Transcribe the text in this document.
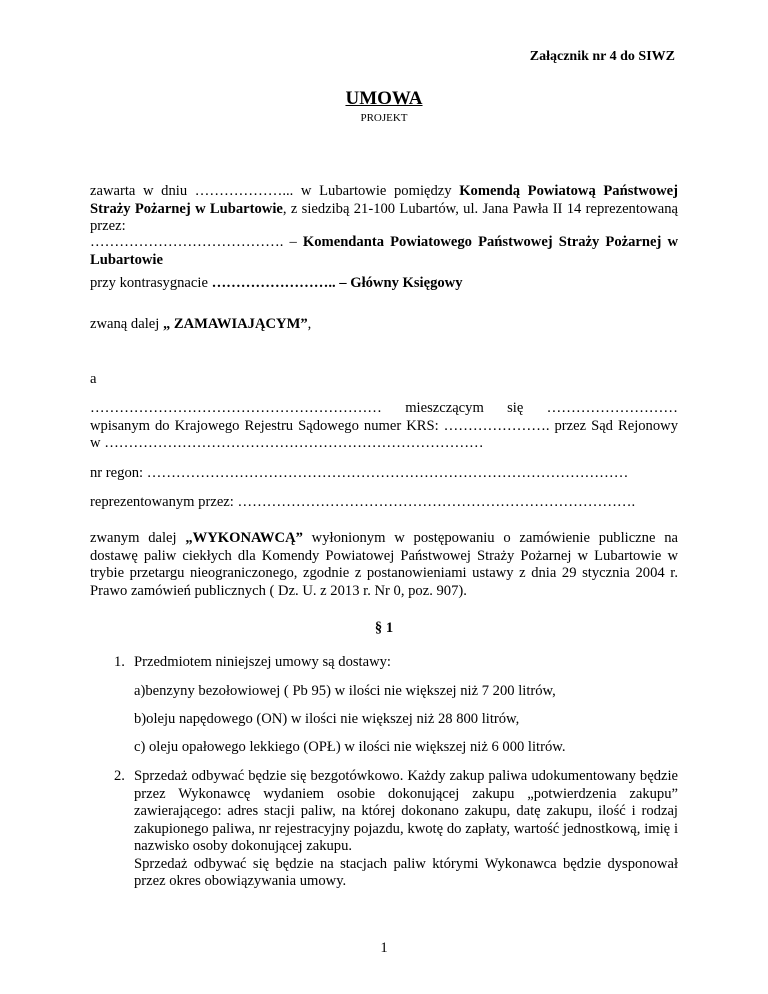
Załącznik nr 4 do SIWZ
UMOWA
PROJEKT
zawarta w dniu ………………... w Lubartowie pomiędzy Komendą Powiatową Państwowej Straży Pożarnej w Lubartowie, z siedzibą 21-100 Lubartów, ul. Jana Pawła II 14 reprezentowaną przez:
…………………………………. – Komendanta Powiatowego Państwowej Straży Pożarnej w Lubartowie
przy kontrasygnacie …………………….. – Główny Księgowy
zwaną dalej „ ZAMAWIAJĄCYM”,
a
…………………………………………………… mieszczącym się ……………………… wpisanym do Krajowego Rejestru Sądowego numer KRS: …………………. przez Sąd Rejonowy w ……………………………………………………………………
nr regon: ………………………………………………………………………………………
reprezentowanym przez: ……………………………………………………………………….
zwanym dalej „WYKONAWCĄ” wyłonionym w postępowaniu o zamówienie publiczne na dostawę paliw ciekłych dla Komendy Powiatowej Państwowej Straży Pożarnej w Lubartowie w trybie przetargu nieograniczonego, zgodnie z postanowieniami ustawy z dnia 29 stycznia 2004 r. Prawo zamówień publicznych ( Dz. U. z 2013 r. Nr 0, poz. 907).
§ 1
1. Przedmiotem niniejszej umowy są dostawy:
a)benzyny bezołowiowej ( Pb 95) w ilości nie większej niż 7 200 litrów,
b)oleju napędowego (ON) w ilości nie większej niż 28 800 litrów,
c) oleju opałowego lekkiego (OPŁ) w ilości nie większej niż 6 000 litrów.
2. Sprzedaż odbywać będzie się bezgotówkowo. Każdy zakup paliwa udokumentowany będzie przez Wykonawcę wydaniem osobie dokonującej zakupu „potwierdzenia zakupu” zawierającego: adres stacji paliw, na której dokonano zakupu, datę zakupu, ilość i rodzaj zakupionego paliwa, nr rejestracyjny pojazdu, kwotę do zapłaty, wartość jednostkową, imię i nazwisko osoby dokonującej zakupu.
Sprzedaż odbywać się będzie na stacjach paliw którymi Wykonawca będzie dysponował przez okres obowiązywania umowy.
1
